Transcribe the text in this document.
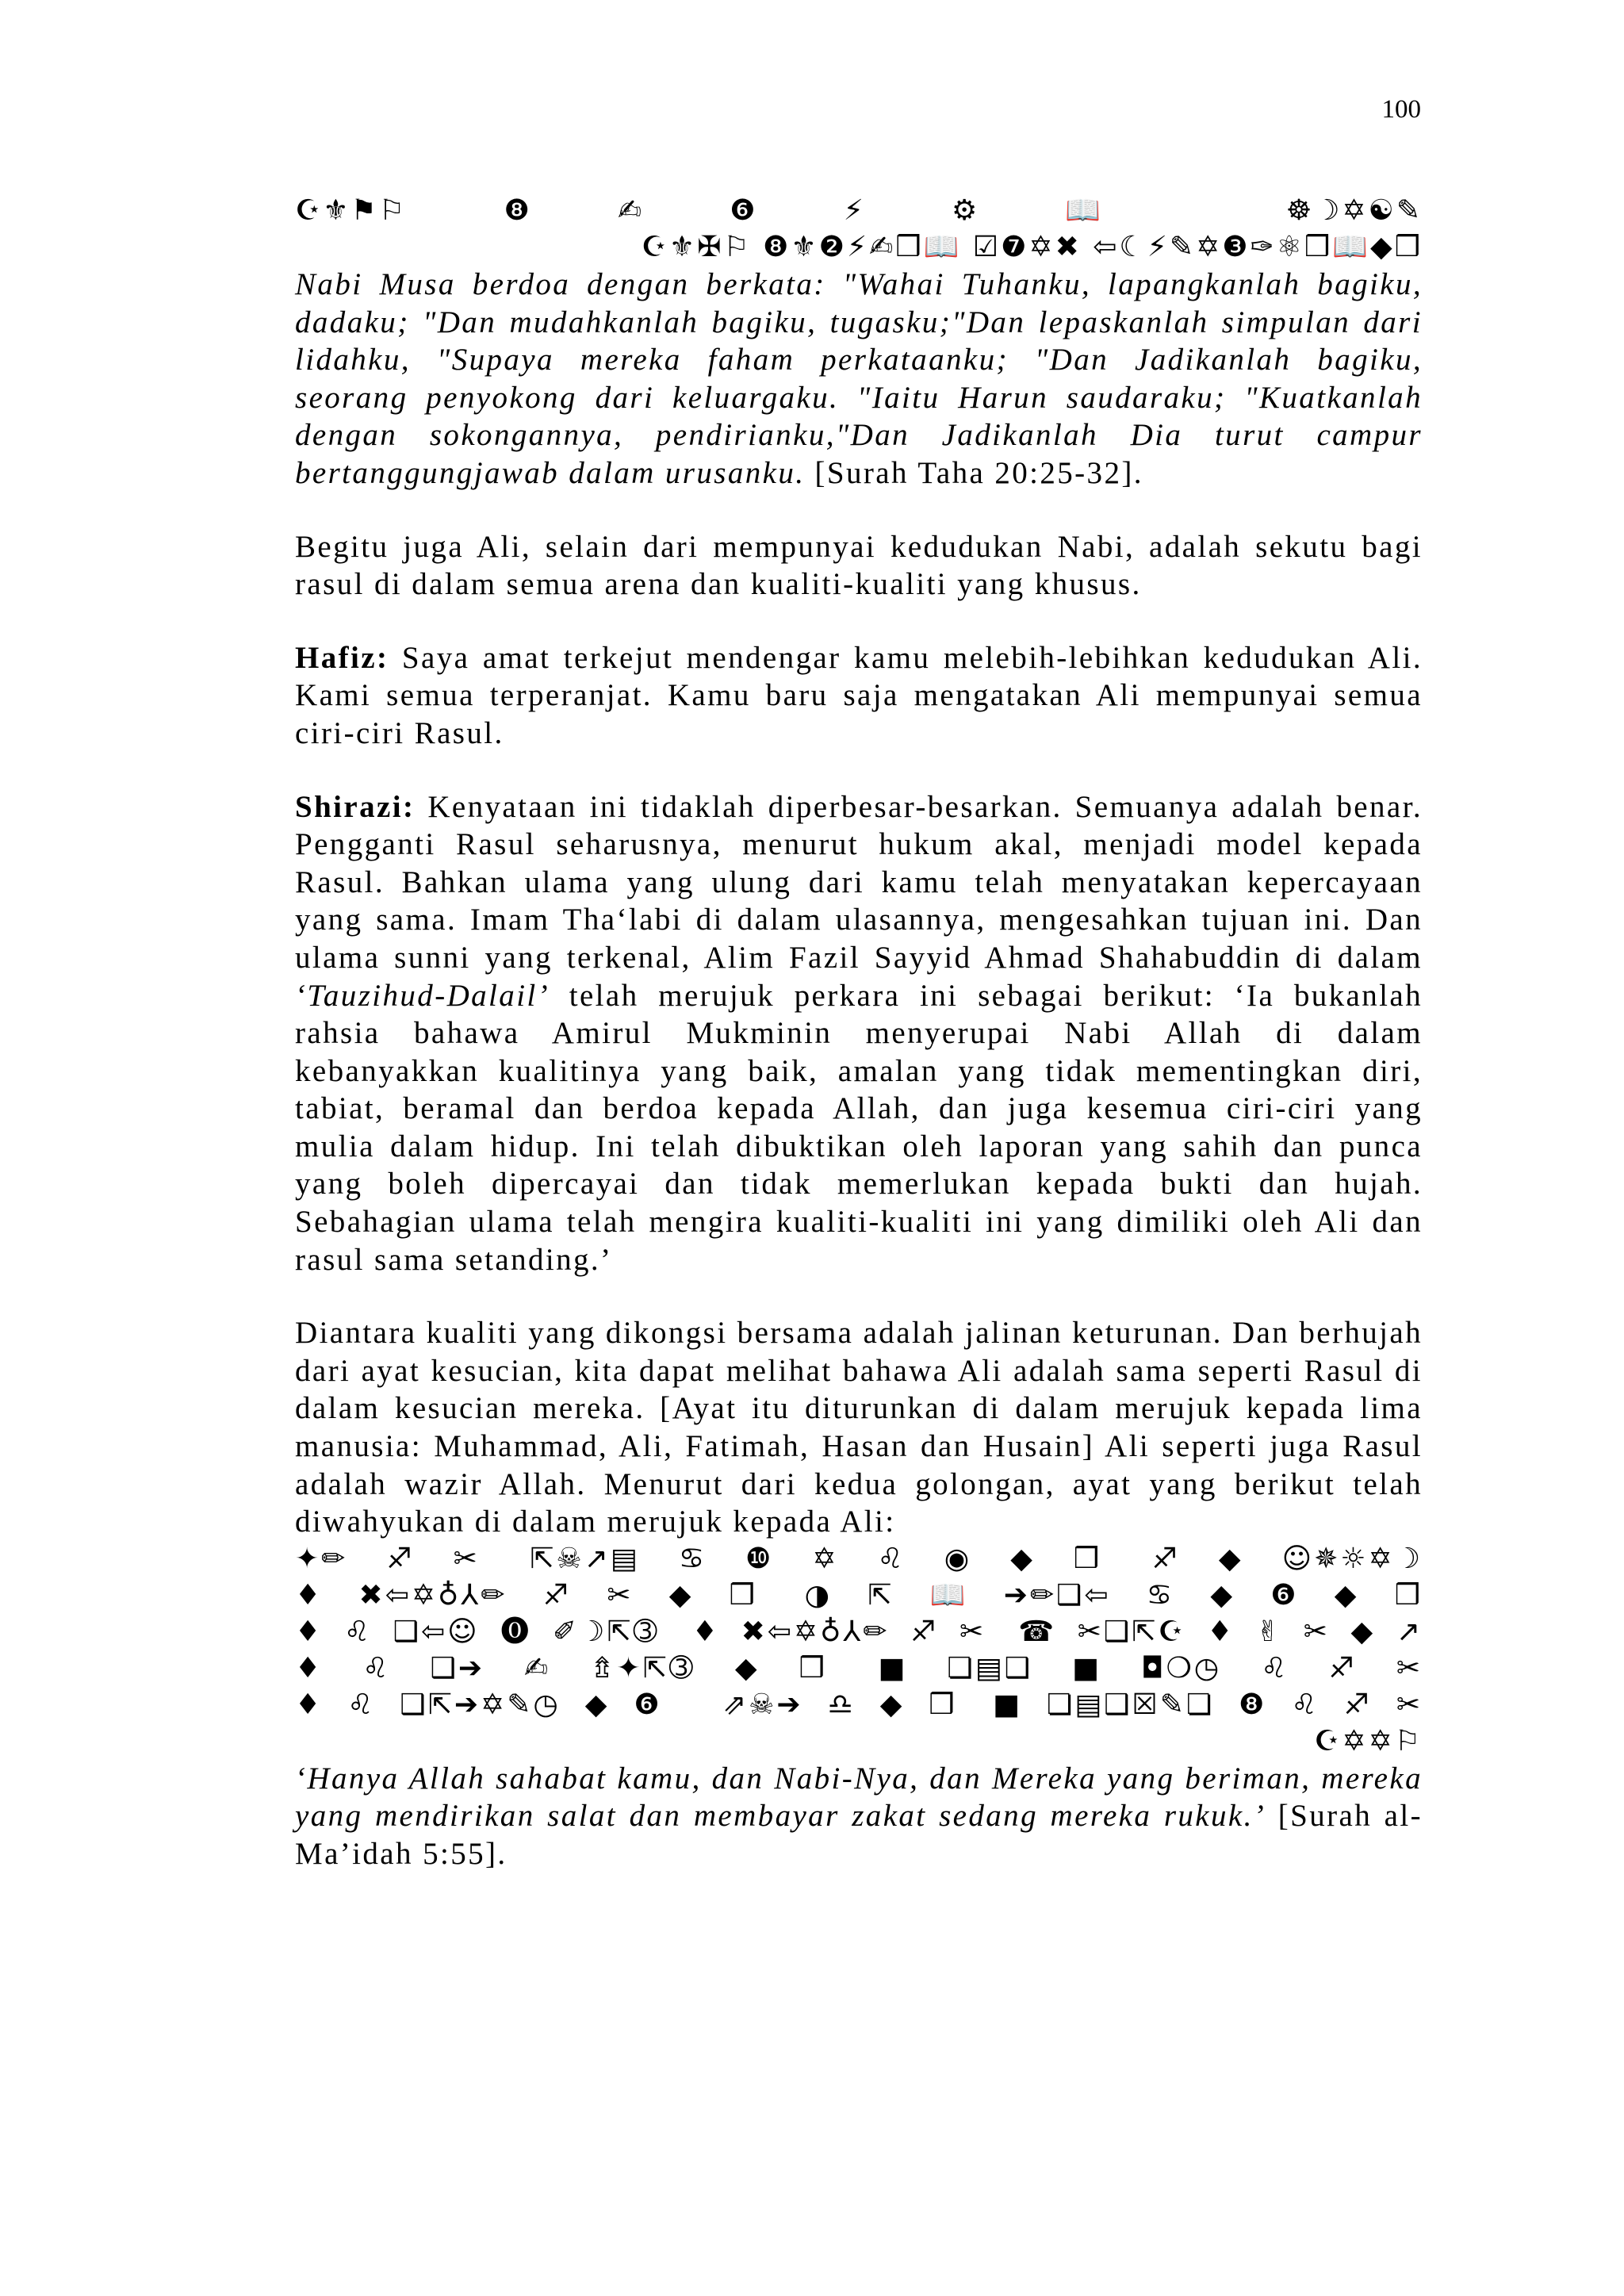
100
☪⚜⚑⚐ ❽✍❻⚡⚙📖 ☸☽✡☯✎
☪⚜✠⚐ ❽⚜❷⚡✍❒📖 ☑❼✡✖ ⇦☾⚡✎✡❸✑⚛❒📖◆❒

Nabi Musa berdoa dengan berkata: "Wahai Tuhanku, lapangkanlah bagiku, dadaku; "Dan mudahkanlah bagiku, tugasku;"Dan lepaskanlah simpulan dari lidahku, "Supaya mereka faham perkataanku; "Dan Jadikanlah bagiku, seorang penyokong dari keluargaku. "Iaitu Harun saudaraku; "Kuatkanlah dengan sokongannya, pendirianku,"Dan Jadikanlah Dia turut campur bertanggungjawab dalam urusanku. [Surah Taha 20:25-32].

Begitu juga Ali, selain dari mempunyai kedudukan Nabi, adalah sekutu bagi rasul di dalam semua arena dan kualiti-kualiti yang khusus.

Hafiz: Saya amat terkejut mendengar kamu melebih-lebihkan kedudukan Ali. Kami semua terperanjat. Kamu baru saja mengatakan Ali mempunyai semua ciri-ciri Rasul.

Shirazi: Kenyataan ini tidaklah diperbesar-besarkan. Semuanya adalah benar. Pengganti Rasul seharusnya, menurut hukum akal, menjadi model kepada Rasul. Bahkan ulama yang ulung dari kamu telah menyatakan kepercayaan yang sama. Imam Tha‘labi di dalam ulasannya, mengesahkan tujuan ini. Dan ulama sunni yang terkenal, Alim Fazil Sayyid Ahmad Shahabuddin di dalam ‘Tauzihud-Dalail’ telah merujuk perkara ini sebagai berikut: ‘Ia bukanlah rahsia bahawa Amirul Mukminin menyerupai Nabi Allah di dalam kebanyakkan kualitinya yang baik, amalan yang tidak mementingkan diri, tabiat, beramal dan berdoa kepada Allah, dan juga kesemua ciri-ciri yang mulia dalam hidup. Ini telah dibuktikan oleh laporan yang sahih dan punca yang boleh dipercayai dan tidak memerlukan kepada bukti dan hujah. Sebahagian ulama telah mengira kualiti-kualiti ini yang dimiliki oleh Ali dan rasul sama setanding.’

Diantara kualiti yang dikongsi bersama adalah jalinan keturunan. Dan berhujah dari ayat kesucian, kita dapat melihat bahawa Ali adalah sama seperti Rasul di dalam kesucian mereka. [Ayat itu diturunkan di dalam merujuk kepada lima manusia: Muhammad, Ali, Fatimah, Hasan dan Husain] Ali seperti juga Rasul adalah wazir Allah. Menurut dari kedua golongan, ayat yang berikut telah diwahyukan di dalam merujuk kepada Ali:

✦✏♐✂ ⇱☠↗▤♋❿✡♌◉◆❒ ♐◆☺✵☼✡☽
♦✖⇦✡♁⅄✏♐✂◆❒ ◑⇱📖➔✏❑⇦♋◆❻◆❒
♦♌❑⇦☺⓿✐☽⇱➂ ♦✖⇦✡♁⅄✏♐✂ ☎✂❑⇱☪♦✌✂◆↗
♦♌❑➔✍⇯✦⇱➂◆❒ ■❏▤❑■◘❍◷♌♐✂
♦♌❑⇱➔✡✎◷◆❻ ⇗☠➔♎◆❒ ■❏▤❑☒✎❏❽♌♐✂
☪✡✡⚐

‘Hanya Allah sahabat kamu, dan Nabi-Nya, dan Mereka yang beriman, mereka yang mendirikan salat dan membayar zakat sedang mereka rukuk.’ [Surah al-Ma’idah 5:55].
